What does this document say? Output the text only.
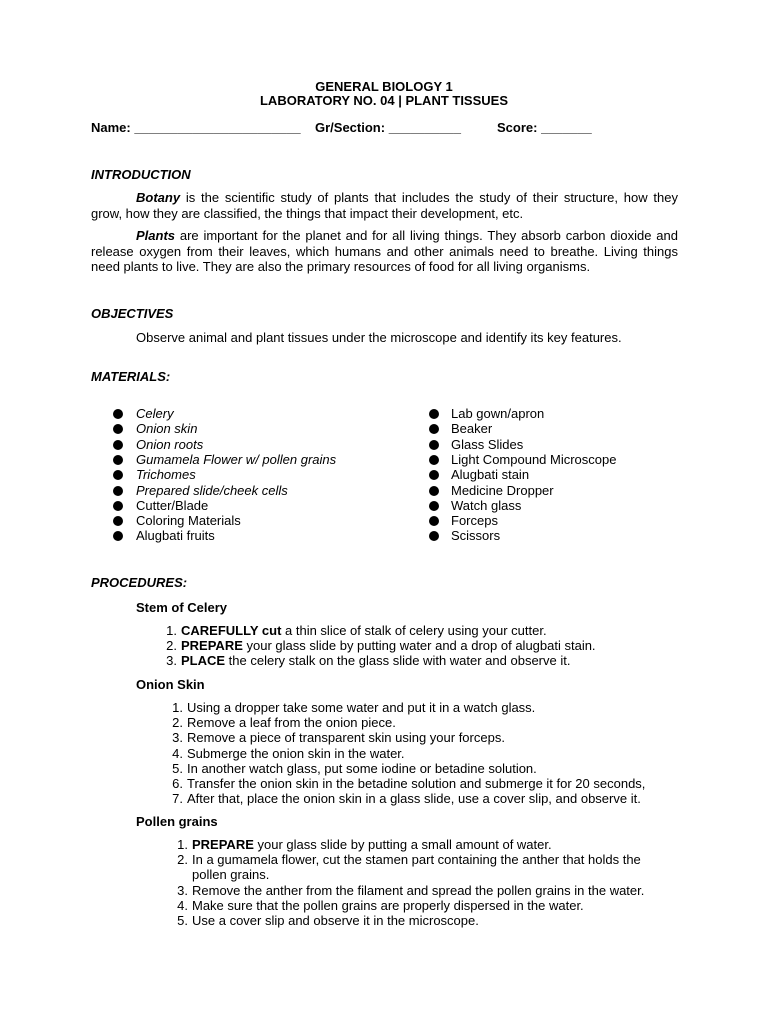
GENERAL BIOLOGY 1
LABORATORY NO. 04 | PLANT TISSUES
Name: _______________________ Gr/Section: __________	Score: _______
INTRODUCTION
Botany is the scientific study of plants that includes the study of their structure, how they grow, how they are classified, the things that impact their development, etc.
Plants are important for the planet and for all living things. They absorb carbon dioxide and release oxygen from their leaves, which humans and other animals need to breathe. Living things need plants to live. They are also the primary resources of food for all living organisms.
OBJECTIVES
Observe animal and plant tissues under the microscope and identify its key features.
MATERIALS:
Celery
Onion skin
Onion roots
Gumamela Flower w/ pollen grains
Trichomes
Prepared slide/cheek cells
Cutter/Blade
Coloring Materials
Alugbati fruits
Lab gown/apron
Beaker
Glass Slides
Light Compound Microscope
Alugbati stain
Medicine Dropper
Watch glass
Forceps
Scissors
PROCEDURES:
Stem of Celery
1. CAREFULLY cut a thin slice of stalk of celery using your cutter.
2. PREPARE your glass slide by putting water and a drop of alugbati stain.
3. PLACE the celery stalk on the glass slide with water and observe it.
Onion Skin
1. Using a dropper take some water and put it in a watch glass.
2. Remove a leaf from the onion piece.
3. Remove a piece of transparent skin using your forceps.
4. Submerge the onion skin in the water.
5. In another watch glass, put some iodine or betadine solution.
6. Transfer the onion skin in the betadine solution and submerge it for 20 seconds,
7. After that, place the onion skin in a glass slide, use a cover slip, and observe it.
Pollen grains
1. PREPARE your glass slide by putting a small amount of water.
2. In a gumamela flower, cut the stamen part containing the anther that holds the
pollen grains.
3. Remove the anther from the filament and spread the pollen grains in the water.
4. Make sure that the pollen grains are properly dispersed in the water.
5. Use a cover slip and observe it in the microscope.
